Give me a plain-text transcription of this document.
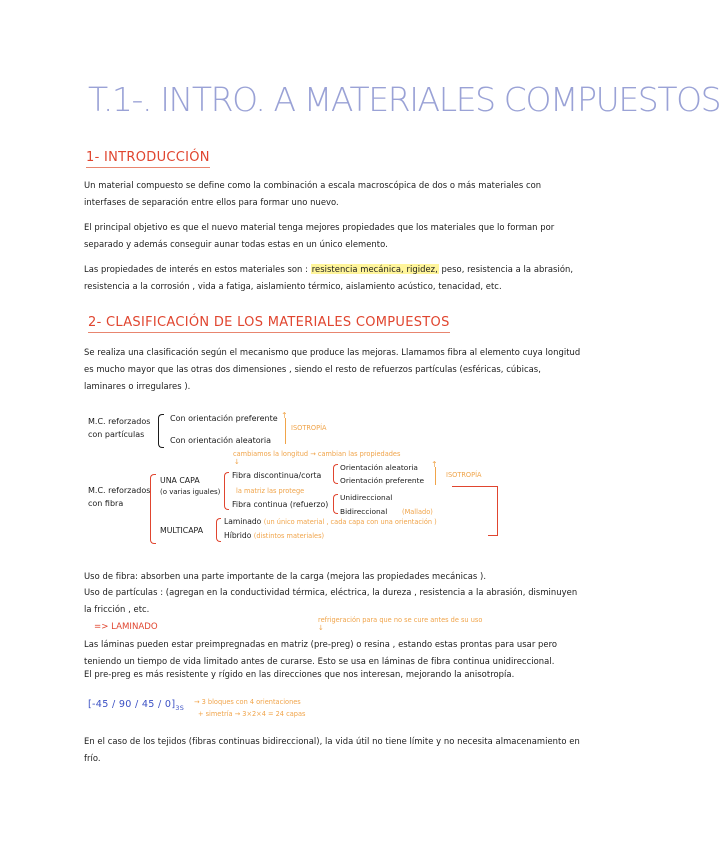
T.1-. INTRO. A MATERIALES COMPUESTOS
1- INTRODUCCIÓN
Un material compuesto se define como la combinación a escala macroscópica de dos o más materiales con interfases de separación entre ellos para formar uno nuevo.
El principal objetivo es que el nuevo material tenga mejores propiedades que los materiales que lo forman por separado y además conseguir aunar todas estas en un único elemento.
Las propiedades de interés en estos materiales son : resistencia mecánica, rigidez, peso, resistencia a la abrasión, resistencia a la corrosión , vida a fatiga, aislamiento térmico, aislamiento acústico, tenacidad, etc.
2- CLASIFICACIÓN DE LOS MATERIALES COMPUESTOS
Se realiza una clasificación según el mecanismo que produce las mejoras. Llamamos fibra al elemento cuya longitud es mucho mayor que las otras dos dimensiones , siendo el resto de refuerzos partículas (esféricas, cúbicas, laminares o irregulares ).
M.C. reforzados con partículas
Con orientación preferente
Con orientación aleatoria
↑
ISOTROPÍA
cambiamos la longitud → cambian las propiedades
↓
M.C. reforzados con fibra
UNA CAPA
(o varias iguales)
Fibra discontinua/corta
la matriz las protege
Fibra continua (refuerzo)
Orientación aleatoria
Orientación preferente
↑
ISOTROPÍA
Unidireccional
Bidireccional (Mallado)
MULTICAPA
Laminado (un único material , cada capa con una orientación )
Híbrido (distintos materiales)
Uso de fibra: absorben una parte importante de la carga (mejora las propiedades mecánicas ).
Uso de partículas : (agregan en la conductividad térmica, eléctrica, la dureza , resistencia a la abrasión, disminuyen la fricción , etc.
refrigeración para que no se cure antes de su uso
↓
=> LAMINADO
Las láminas pueden estar preimpregnadas en matriz (pre-preg) o resina , estando estas prontas para usar pero teniendo un tiempo de vida limitado antes de curarse. Esto se usa en láminas de fibra continua unidireccional.
El pre-preg es más resistente y rígido en las direcciones que nos interesan, mejorando la anisotropía.
$[-45 / 90 / 45 / 0]_{3S}$
→ 3 bloques con 4 orientaciones
+ simetría → 3×2×4 = 24 capas
En el caso de los tejidos (fibras continuas bidireccional), la vida útil no tiene límite y no necesita almacenamiento en frío.
